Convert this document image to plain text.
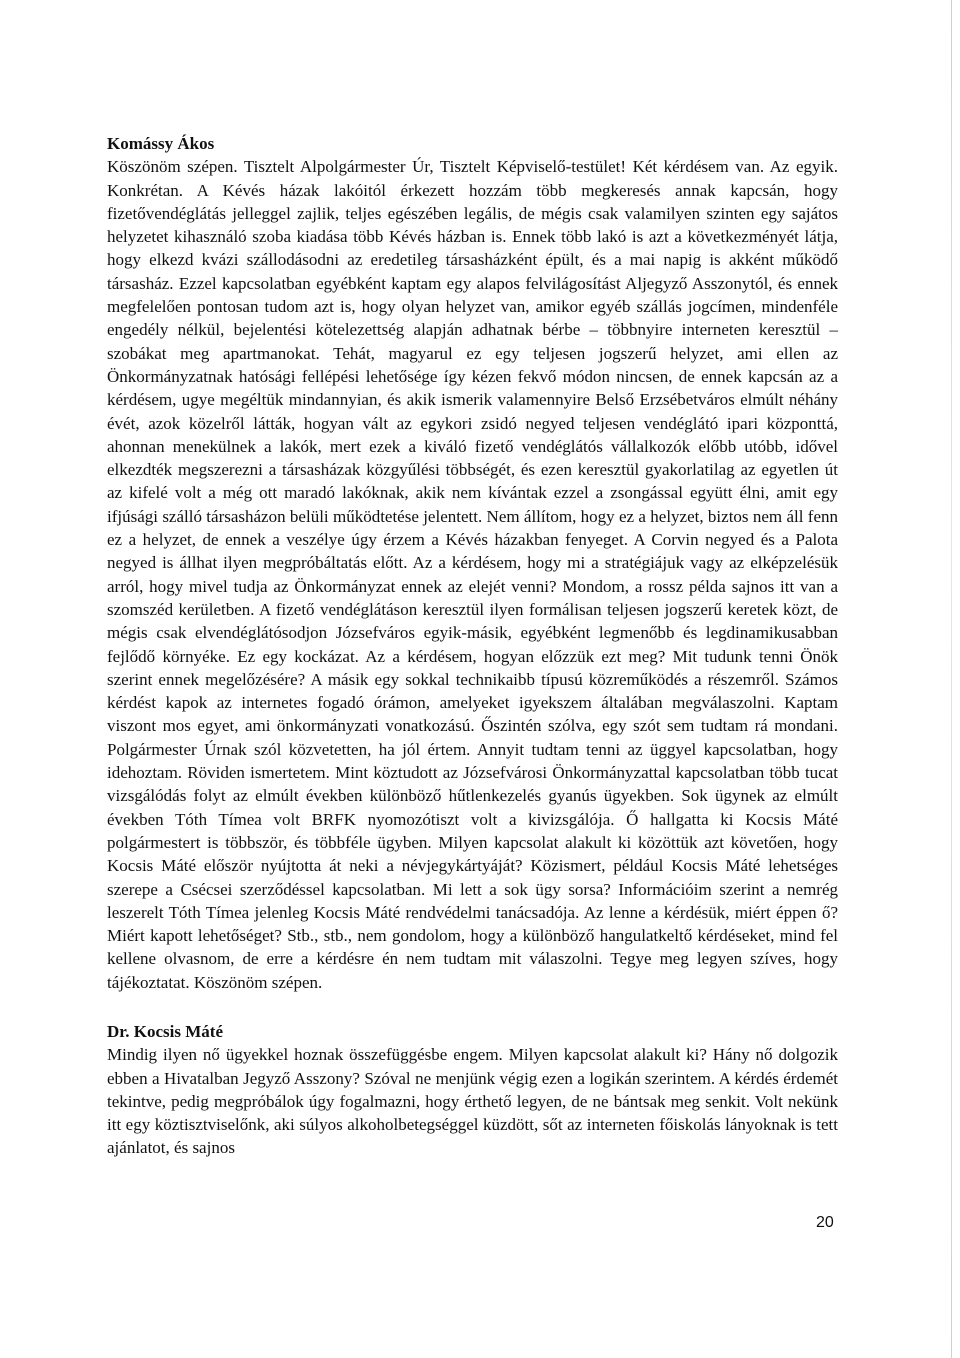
Komássy Ákos

Köszönöm szépen. Tisztelt Alpolgármester Úr, Tisztelt Képviselő-testület! Két kérdésem van. Az egyik. Konkrétan. A Kévés házak lakóitól érkezett hozzám több megkeresés annak kapcsán, hogy fizetővendéglátás jelleggel zajlik, teljes egészében legális, de mégis csak valamilyen szinten egy sajátos helyzetet kihasználó szoba kiadása több Kévés házban is. Ennek több lakó is azt a következményét látja, hogy elkezd kvázi szállodásodni az eredetileg társasházként épült, és a mai napig is akként működő társasház. Ezzel kapcsolatban egyébként kaptam egy alapos felvilágosítást Aljegyző Asszonytól, és ennek megfelelően pontosan tudom azt is, hogy olyan helyzet van, amikor egyéb szállás jogcímen, mindenféle engedély nélkül, bejelentési kötelezettség alapján adhatnak bérbe – többnyire interneten keresztül – szobákat meg apartmanokat. Tehát, magyarul ez egy teljesen jogszerű helyzet, ami ellen az Önkormányzatnak hatósági fellépési lehetősége így kézen fekvő módon nincsen, de ennek kapcsán az a kérdésem, ugye megéltük mindannyian, és akik ismerik valamennyire Belső Erzsébetváros elmúlt néhány évét, azok közelről látták, hogyan vált az egykori zsidó negyed teljesen vendéglátó ipari központtá, ahonnan menekülnek a lakók, mert ezek a kiváló fizető vendéglátós vállalkozók előbb utóbb, idővel elkezdték megszerezni a társasházak közgyűlési többségét, és ezen keresztül gyakorlatilag az egyetlen út az kifelé volt a még ott maradó lakóknak, akik nem kívántak ezzel a zsongással együtt élni, amit egy ifjúsági szálló társasházon belüli működtetése jelentett. Nem állítom, hogy ez a helyzet, biztos nem áll fenn ez a helyzet, de ennek a veszélye úgy érzem a Kévés házakban fenyeget. A Corvin negyed és a Palota negyed is állhat ilyen megpróbáltatás előtt. Az a kérdésem, hogy mi a stratégiájuk vagy az elképzelésük arról, hogy mivel tudja az Önkormányzat ennek az elejét venni? Mondom, a rossz példa sajnos itt van a szomszéd kerületben. A fizető vendéglátáson keresztül ilyen formálisan teljesen jogszerű keretek közt, de mégis csak elvendéglátósodjon Józsefváros egyik-másik, egyébként legmenőbb és legdinamikusabban fejlődő környéke. Ez egy kockázat. Az a kérdésem, hogyan előzzük ezt meg? Mit tudunk tenni Önök szerint ennek megelőzésére? A másik egy sokkal technikaibb típusú közreműködés a részemről. Számos kérdést kapok az internetes fogadó órámon, amelyeket igyekszem általában megválaszolni. Kaptam viszont mos egyet, ami önkormányzati vonatkozású. Őszintén szólva, egy szót sem tudtam rá mondani. Polgármester Úrnak szól közvetetten, ha jól értem. Annyit tudtam tenni az üggyel kapcsolatban, hogy idehoztam. Röviden ismertetem. Mint köztudott az Józsefvárosi Önkormányzattal kapcsolatban több tucat vizsgálódás folyt az elmúlt években különböző hűtlenkezelés gyanús ügyekben. Sok ügynek az elmúlt években Tóth Tímea volt BRFK nyomozótiszt volt a kivizsgálója. Ő hallgatta ki Kocsis Máté polgármestert is többször, és többféle ügyben. Milyen kapcsolat alakult ki közöttük azt követően, hogy Kocsis Máté először nyújtotta át neki a névjegykártyáját? Közismert, például Kocsis Máté lehetséges szerepe a Csécsei szerződéssel kapcsolatban. Mi lett a sok ügy sorsa? Információim szerint a nemrég leszerelt Tóth Tímea jelenleg Kocsis Máté rendvédelmi tanácsadója. Az lenne a kérdésük, miért éppen ő? Miért kapott lehetőséget? Stb., stb., nem gondolom, hogy a különböző hangulatkeltő kérdéseket, mind fel kellene olvasnom, de erre a kérdésre én nem tudtam mit válaszolni. Tegye meg legyen szíves, hogy tájékoztatat. Köszönöm szépen.

Dr. Kocsis Máté

Mindig ilyen nő ügyekkel hoznak összefüggésbe engem. Milyen kapcsolat alakult ki? Hány nő dolgozik ebben a Hivatalban Jegyző Asszony? Szóval ne menjünk végig ezen a logikán szerintem. A kérdés érdemét tekintve, pedig megpróbálok úgy fogalmazni, hogy érthető legyen, de ne bántsak meg senkit. Volt nekünk itt egy köztisztviselőnk, aki súlyos alkoholbetegséggel küzdött, sőt az interneten főiskolás lányoknak is tett ajánlatot, és sajnos

20
